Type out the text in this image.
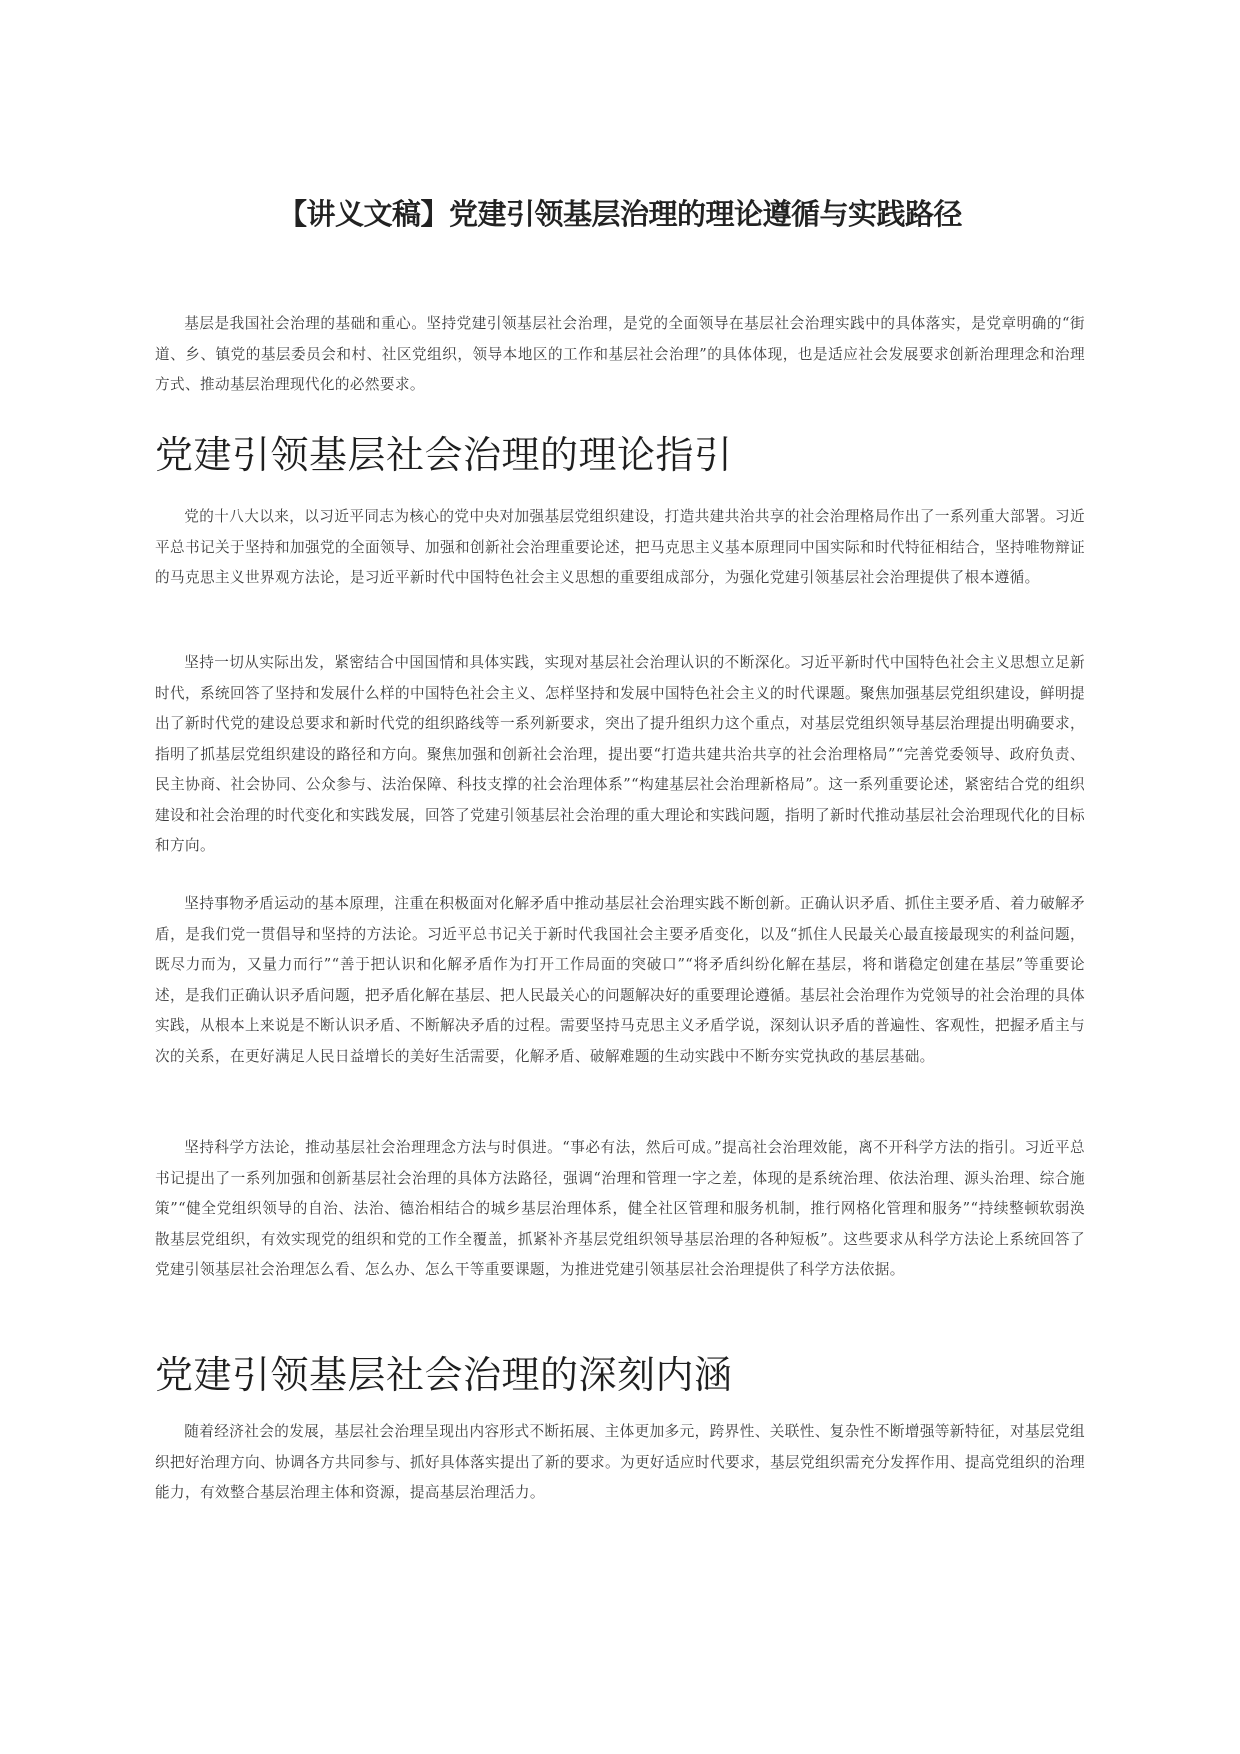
【讲义文稿】党建引领基层治理的理论遵循与实践路径

基层是我国社会治理的基础和重心。坚持党建引领基层社会治理，是党的全面领导在基层社会治理实践中的具体落实，是党章明确的“街道、乡、镇党的基层委员会和村、社区党组织，领导本地区的工作和基层社会治理”的具体体现，也是适应社会发展要求创新治理理念和治理方式、推动基层治理现代化的必然要求。

党建引领基层社会治理的理论指引

党的十八大以来，以习近平同志为核心的党中央对加强基层党组织建设，打造共建共治共享的社会治理格局作出了一系列重大部署。习近平总书记关于坚持和加强党的全面领导、加强和创新社会治理重要论述，把马克思主义基本原理同中国实际和时代特征相结合，坚持唯物辩证的马克思主义世界观方法论，是习近平新时代中国特色社会主义思想的重要组成部分，为强化党建引领基层社会治理提供了根本遵循。

坚持一切从实际出发，紧密结合中国国情和具体实践，实现对基层社会治理认识的不断深化。习近平新时代中国特色社会主义思想立足新时代，系统回答了坚持和发展什么样的中国特色社会主义、怎样坚持和发展中国特色社会主义的时代课题。聚焦加强基层党组织建设，鲜明提出了新时代党的建设总要求和新时代党的组织路线等一系列新要求，突出了提升组织力这个重点，对基层党组织领导基层治理提出明确要求，指明了抓基层党组织建设的路径和方向。聚焦加强和创新社会治理，提出要“打造共建共治共享的社会治理格局”“完善党委领导、政府负责、民主协商、社会协同、公众参与、法治保障、科技支撑的社会治理体系”“构建基层社会治理新格局”。这一系列重要论述，紧密结合党的组织建设和社会治理的时代变化和实践发展，回答了党建引领基层社会治理的重大理论和实践问题，指明了新时代推动基层社会治理现代化的目标和方向。

坚持事物矛盾运动的基本原理，注重在积极面对化解矛盾中推动基层社会治理实践不断创新。正确认识矛盾、抓住主要矛盾、着力破解矛盾，是我们党一贯倡导和坚持的方法论。习近平总书记关于新时代我国社会主要矛盾变化，以及“抓住人民最关心最直接最现实的利益问题，既尽力而为，又量力而行”“善于把认识和化解矛盾作为打开工作局面的突破口”“将矛盾纠纷化解在基层，将和谐稳定创建在基层”等重要论述，是我们正确认识矛盾问题，把矛盾化解在基层、把人民最关心的问题解决好的重要理论遵循。基层社会治理作为党领导的社会治理的具体实践，从根本上来说是不断认识矛盾、不断解决矛盾的过程。需要坚持马克思主义矛盾学说，深刻认识矛盾的普遍性、客观性，把握矛盾主与次的关系，在更好满足人民日益增长的美好生活需要，化解矛盾、破解难题的生动实践中不断夯实党执政的基层基础。

坚持科学方法论，推动基层社会治理理念方法与时俱进。“事必有法，然后可成。”提高社会治理效能，离不开科学方法的指引。习近平总书记提出了一系列加强和创新基层社会治理的具体方法路径，强调“治理和管理一字之差，体现的是系统治理、依法治理、源头治理、综合施策”“健全党组织领导的自治、法治、德治相结合的城乡基层治理体系，健全社区管理和服务机制，推行网格化管理和服务”“持续整顿软弱涣散基层党组织，有效实现党的组织和党的工作全覆盖，抓紧补齐基层党组织领导基层治理的各种短板”。这些要求从科学方法论上系统回答了党建引领基层社会治理怎么看、怎么办、怎么干等重要课题，为推进党建引领基层社会治理提供了科学方法依据。

党建引领基层社会治理的深刻内涵

随着经济社会的发展，基层社会治理呈现出内容形式不断拓展、主体更加多元，跨界性、关联性、复杂性不断增强等新特征，对基层党组织把好治理方向、协调各方共同参与、抓好具体落实提出了新的要求。为更好适应时代要求，基层党组织需充分发挥作用、提高党组织的治理能力，有效整合基层治理主体和资源，提高基层治理活力。
